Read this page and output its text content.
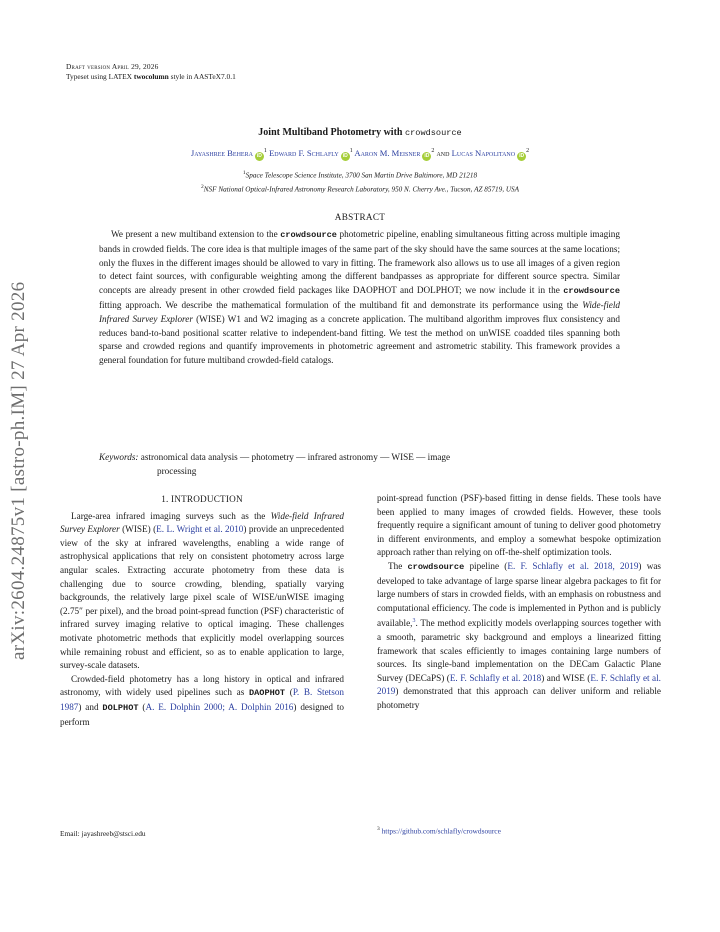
arXiv:2604.24875v1 [astro-ph.IM] 27 Apr 2026
Draft version April 29, 2026
Typeset using LATEX twocolumn style in AASTeX7.0.1
Joint Multiband Photometry with crowdsource
Jayashree Behera $iD^1$ Edward F. Schlafly $iD^1$ Aaron M. Meisner $iD^2$ and Lucas Napolitano $iD^2$
$^1$Space Telescope Science Institute, 3700 San Martin Drive Baltimore, MD 21218
$^2$NSF National Optical-Infrared Astronomy Research Laboratory, 950 N. Cherry Ave., Tucson, AZ 85719, USA
ABSTRACT

We present a new multiband extension to the crowdsource photometric pipeline, enabling simultaneous fitting across multiple imaging bands in crowded fields. The core idea is that multiple images of the same part of the sky should have the same sources at the same locations; only the fluxes in the different images should be allowed to vary in fitting. The framework also allows us to use all images of a given region to detect faint sources, with configurable weighting among the different bandpasses as appropriate for different source spectra. Similar concepts are already present in other crowded field packages like DAOPHOT and DOLPHOT; we now include it in the crowdsource fitting approach. We describe the mathematical formulation of the multiband fit and demonstrate its performance using the Wide-field Infrared Survey Explorer (WISE) W1 and W2 imaging as a concrete application. The multiband algorithm improves flux consistency and reduces band-to-band positional scatter relative to independent-band fitting. We test the method on unWISE coadded tiles spanning both sparse and crowded regions and quantify improvements in photometric agreement and astrometric stability. This framework provides a general foundation for future multiband crowded-field catalogs.

Keywords: astronomical data analysis — photometry — infrared astronomy — WISE — image
processing
1. INTRODUCTION

Large-area infrared imaging surveys such as the Wide-field Infrared Survey Explorer (WISE) (E. L. Wright et al. 2010) provide an unprecedented view of the sky at infrared wavelengths, enabling a wide range of astrophysical applications that rely on consistent photometry across large angular scales. Extracting accurate photometry from these data is challenging due to source crowding, blending, spatially varying backgrounds, the relatively large pixel scale of WISE/unWISE imaging (2.75″ per pixel), and the broad point-spread function (PSF) characteristic of infrared survey imaging relative to optical imaging. These challenges motivate photometric methods that explicitly model overlapping sources while remaining robust and efficient, so as to enable application to large, survey-scale datasets.

Crowded-field photometry has a long history in optical and infrared astronomy, with widely used pipelines such as DAOPHOT (P. B. Stetson 1987) and DOLPHOT (A. E. Dolphin 2000; A. Dolphin 2016) designed to perform

point-spread function (PSF)-based fitting in dense fields. These tools have been applied to many images of crowded fields. However, these tools frequently require a significant amount of tuning to deliver good photometry in different environments, and employ a somewhat bespoke optimization approach rather than relying on off-the-shelf optimization tools.

The crowdsource pipeline (E. F. Schlafly et al. 2018, 2019) was developed to take advantage of large sparse linear algebra packages to fit for large numbers of stars in crowded fields, with an emphasis on robustness and computational efficiency. The code is implemented in Python and is publicly available,$^3$. The method explicitly models overlapping sources together with a smooth, parametric sky background and employs a linearized fitting framework that scales efficiently to images containing large numbers of sources. Its single-band implementation on the DECam Galactic Plane Survey (DECaPS) (E. F. Schlafly et al. 2018) and WISE (E. F. Schlafly et al. 2019) demonstrated that this approach can deliver uniform and reliable photometry

Email: jayashreeb@stsci.edu	$^3$ https://github.com/schlafly/crowdsource
